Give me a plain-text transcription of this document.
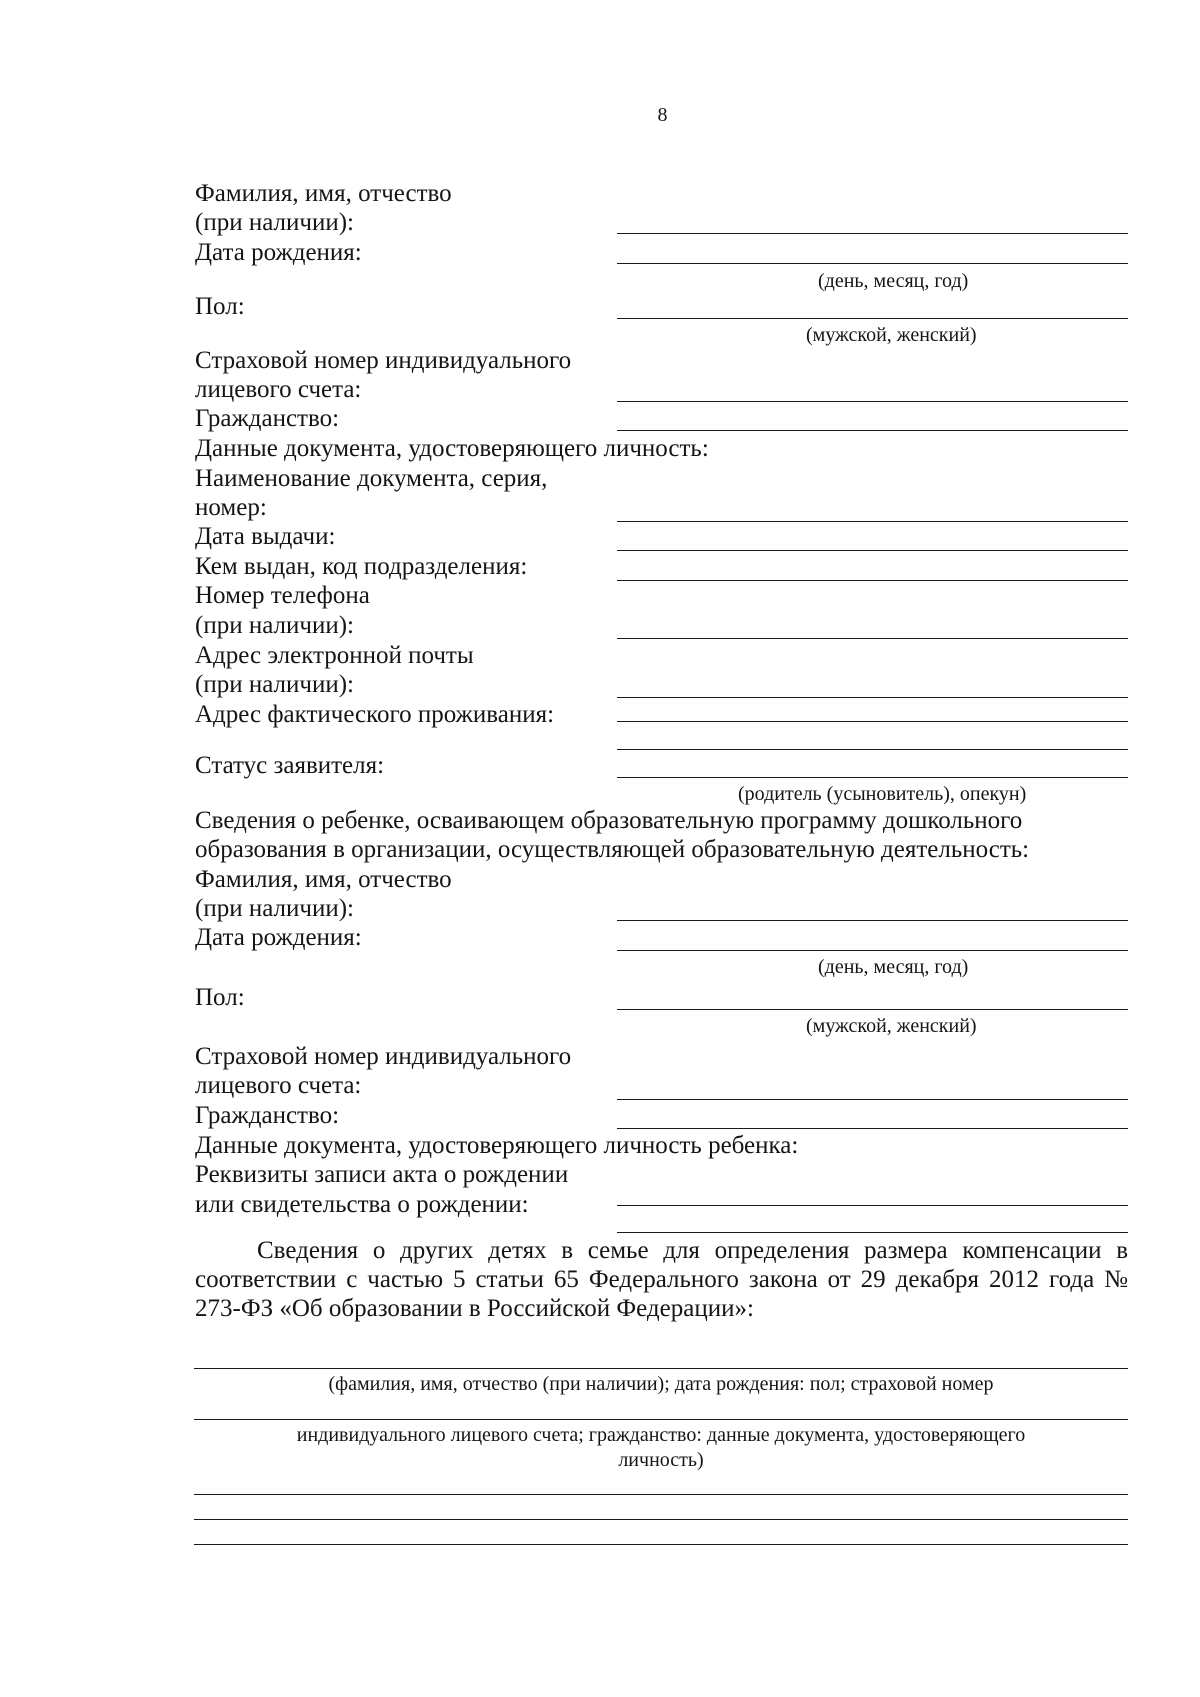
8
Фамилия, имя, отчество
(при наличии):
Дата рождения:
(день, месяц, год)
Пол:
(мужской, женский)
Страховой номер индивидуального
лицевого счета:
Гражданство:
Данные документа, удостоверяющего личность:
Наименование документа, серия,
номер:
Дата выдачи:
Кем выдан, код подразделения:
Номер телефона
(при наличии):
Адрес электронной почты
(при наличии):
Адрес фактического проживания:
Статус заявителя:
(родитель (усыновитель), опекун)
Сведения о ребенке, осваивающем образовательную программу дошкольного
образования в организации, осуществляющей образовательную деятельность:
Фамилия, имя, отчество
(при наличии):
Дата рождения:
(день, месяц, год)
Пол:
(мужской, женский)
Страховой номер индивидуального
лицевого счета:
Гражданство:
Данные документа, удостоверяющего личность ребенка:
Реквизиты записи акта о рождении
или свидетельства о рождении:
Сведения о других детях в семье для определения размера компенсации в соответствии с частью 5 статьи 65 Федерального закона от 29 декабря 2012 года № 273-ФЗ «Об образовании в Российской Федерации»:
(фамилия, имя, отчество (при наличии); дата рождения: пол; страховой номер
индивидуального лицевого счета; гражданство: данные документа, удостоверяющего
личность)
